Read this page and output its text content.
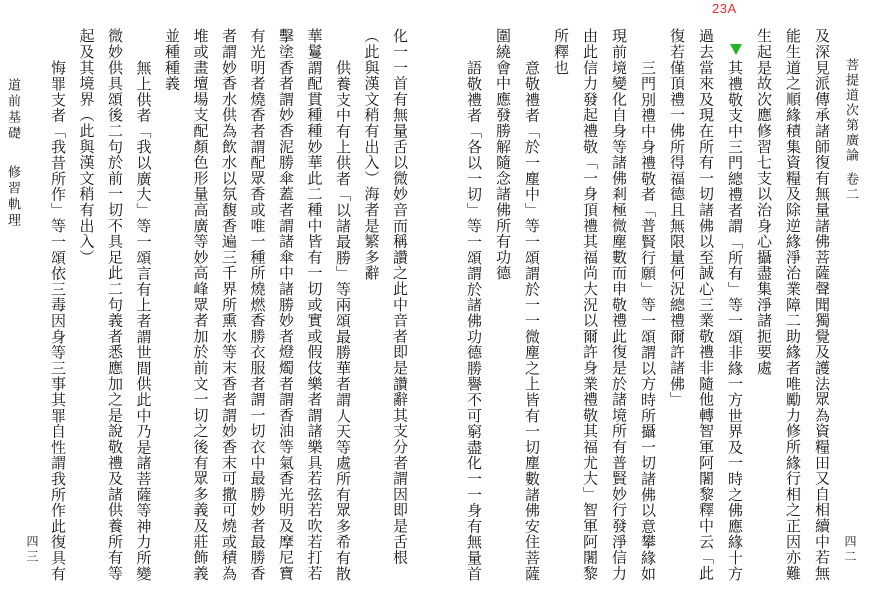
23A
菩提道次第廣論
卷二
及深見派傳承諸師復有無量諸佛菩薩聲聞獨覺及護法眾為資糧田又自相續中若無
能生道之順緣積集資糧及除逆緣淨治業障二助緣者唯勵力修所緣行相之正因亦難
生起是故次應修習七支以治身心攝盡集淨諸扼要處
其禮敬支中三門總禮者謂「所有」等一頌非緣一方世界及一時之佛應緣十方
過去當來及現在所有一切諸佛以至誠心三業敬禮非隨他轉智軍阿闍黎釋中云「此
復若僅頂禮一佛所得福德且無限量何況總禮爾許諸佛」
三門別禮中身禮敬者「普賢行願」等一頌謂以方時所攝一切諸佛以意攀緣如
現前境變化自身等諸佛剎極微塵數而申敬禮此復是於諸境所有普賢妙行發淨信力
由此信力發起禮敬「一身頂禮其福尚大況以爾許身業禮敬其福尤大」智軍阿闍黎
所釋也
意敬禮者「於一塵中」等一頌謂於一一微塵之上皆有一切塵數諸佛安住菩薩
圍繞會中應發勝解隨念諸佛所有功德
語敬禮者「各以一切」等一頌謂於諸佛功德勝譽不可窮盡化一一身有無量首	四二
道前基礎
修習軌理	化一一首有無量舌以微妙音而稱讚之此中音者即是讚辭其支分者謂因即是舌根
（此與漢文稍有出入）海者是繁多辭
供養支中有上供者「以諸最勝」等兩頌最勝華者謂人天等處所有眾多希有散
華鬘謂配貫種種妙華此二種中皆有一切或實或假伎樂者謂諸樂具若弦若吹若打若
擊塗香者謂妙香泥勝傘蓋者謂諸傘中諸勝妙者燈燭者謂香油等氣香光明及摩尼寶
有光明者燒香者謂配眾香或唯一種所燒燃香勝衣服者謂一切衣中最勝妙者最勝香
者謂妙香水供為飲水以氛馥香遍三千界所熏水等末香者謂妙香末可撒可燒或積為
堆或畫壇場支配顏色形量高廣等妙高峰眾者加於前文一切之後有眾多義及莊飾義
並種種義
無上供者「我以廣大」等一頌言有上者謂世間供此中乃是諸菩薩等神力所變
微妙供具頌後二句於前一切不具足此二句義者悉應加之是說敬禮及諸供養所有等
起及其境界（此與漢文稍有出入）
悔罪支者「我昔所作」等一頌依三毒因身等三事其罪自性謂我所作此復具有
四三
